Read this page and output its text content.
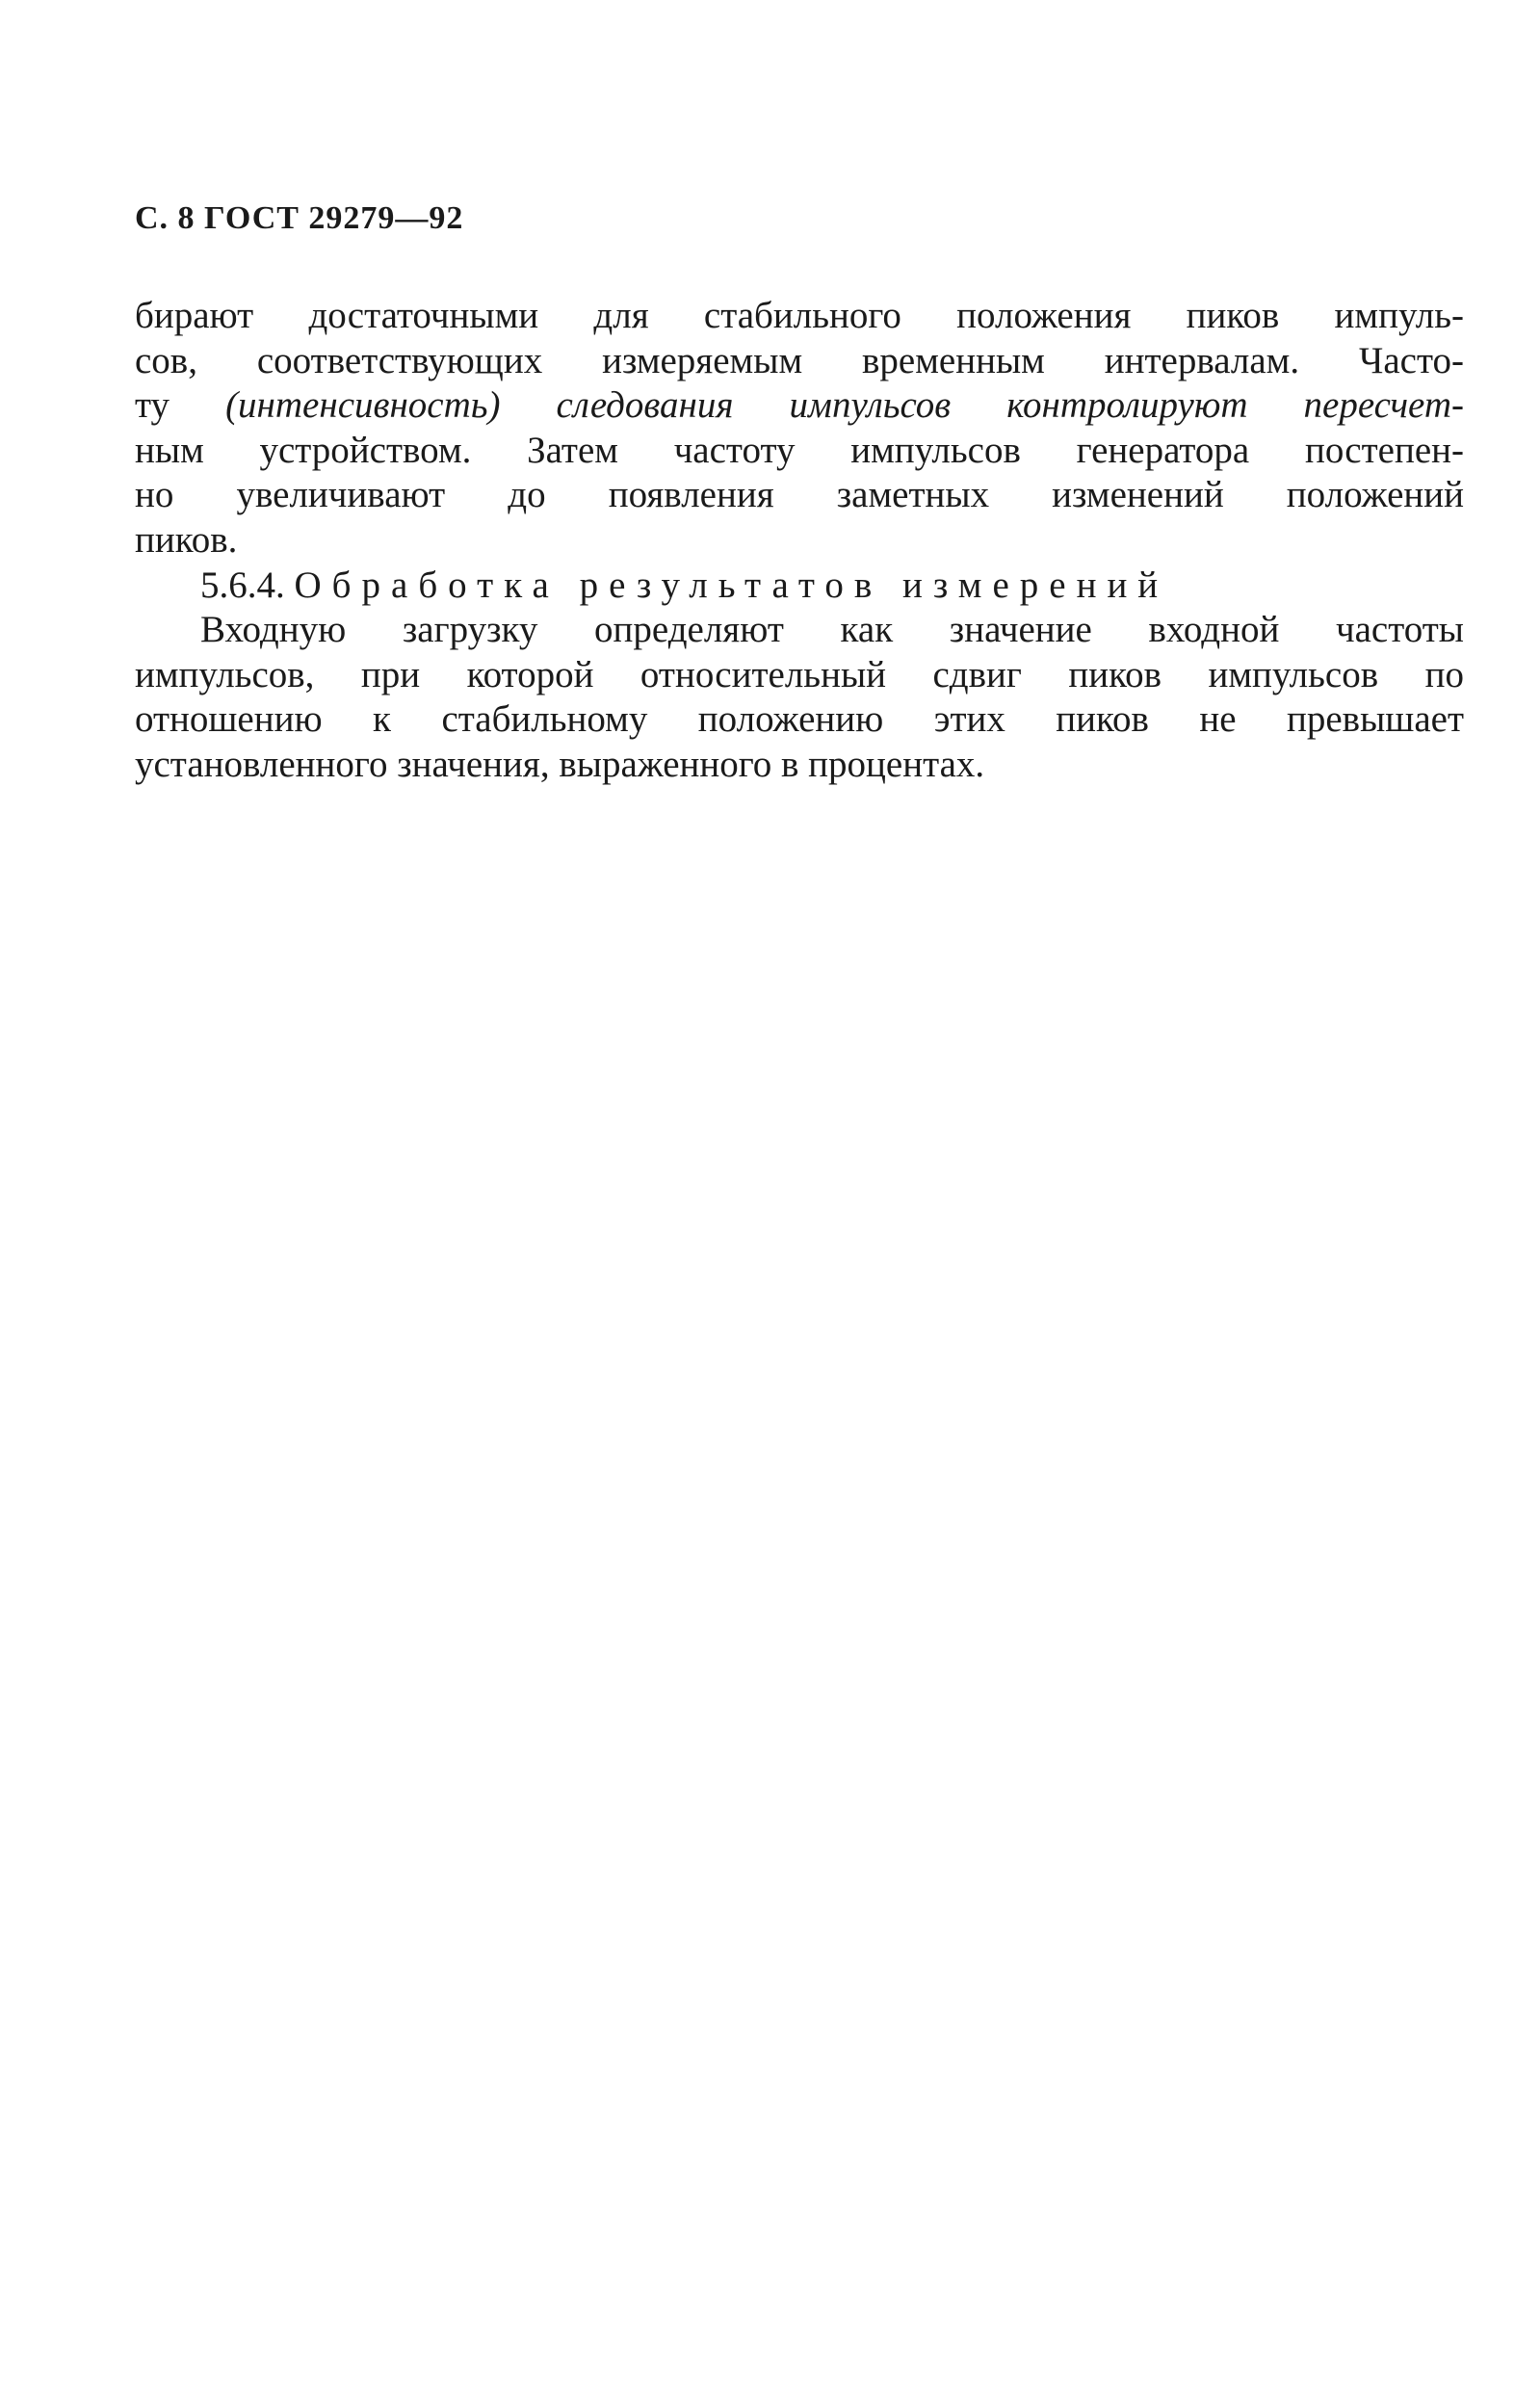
С. 8 ГОСТ 29279—92
бирают достаточными для стабильного положения пиков импуль-
сов, соответствующих измеряемым временным интервалам. Часто-
ту (интенсивность) следования импульсов контролируют пересчет-
ным устройством. Затем частоту импульсов генератора постепен-
но увеличивают до появления заметных изменений положений
пиков.
5.6.4. Обработка результатов измерений
Входную загрузку определяют как значение входной частоты
импульсов, при которой относительный сдвиг пиков импульсов по
отношению к стабильному положению этих пиков не превышает
установленного значения, выраженного в процентах.
